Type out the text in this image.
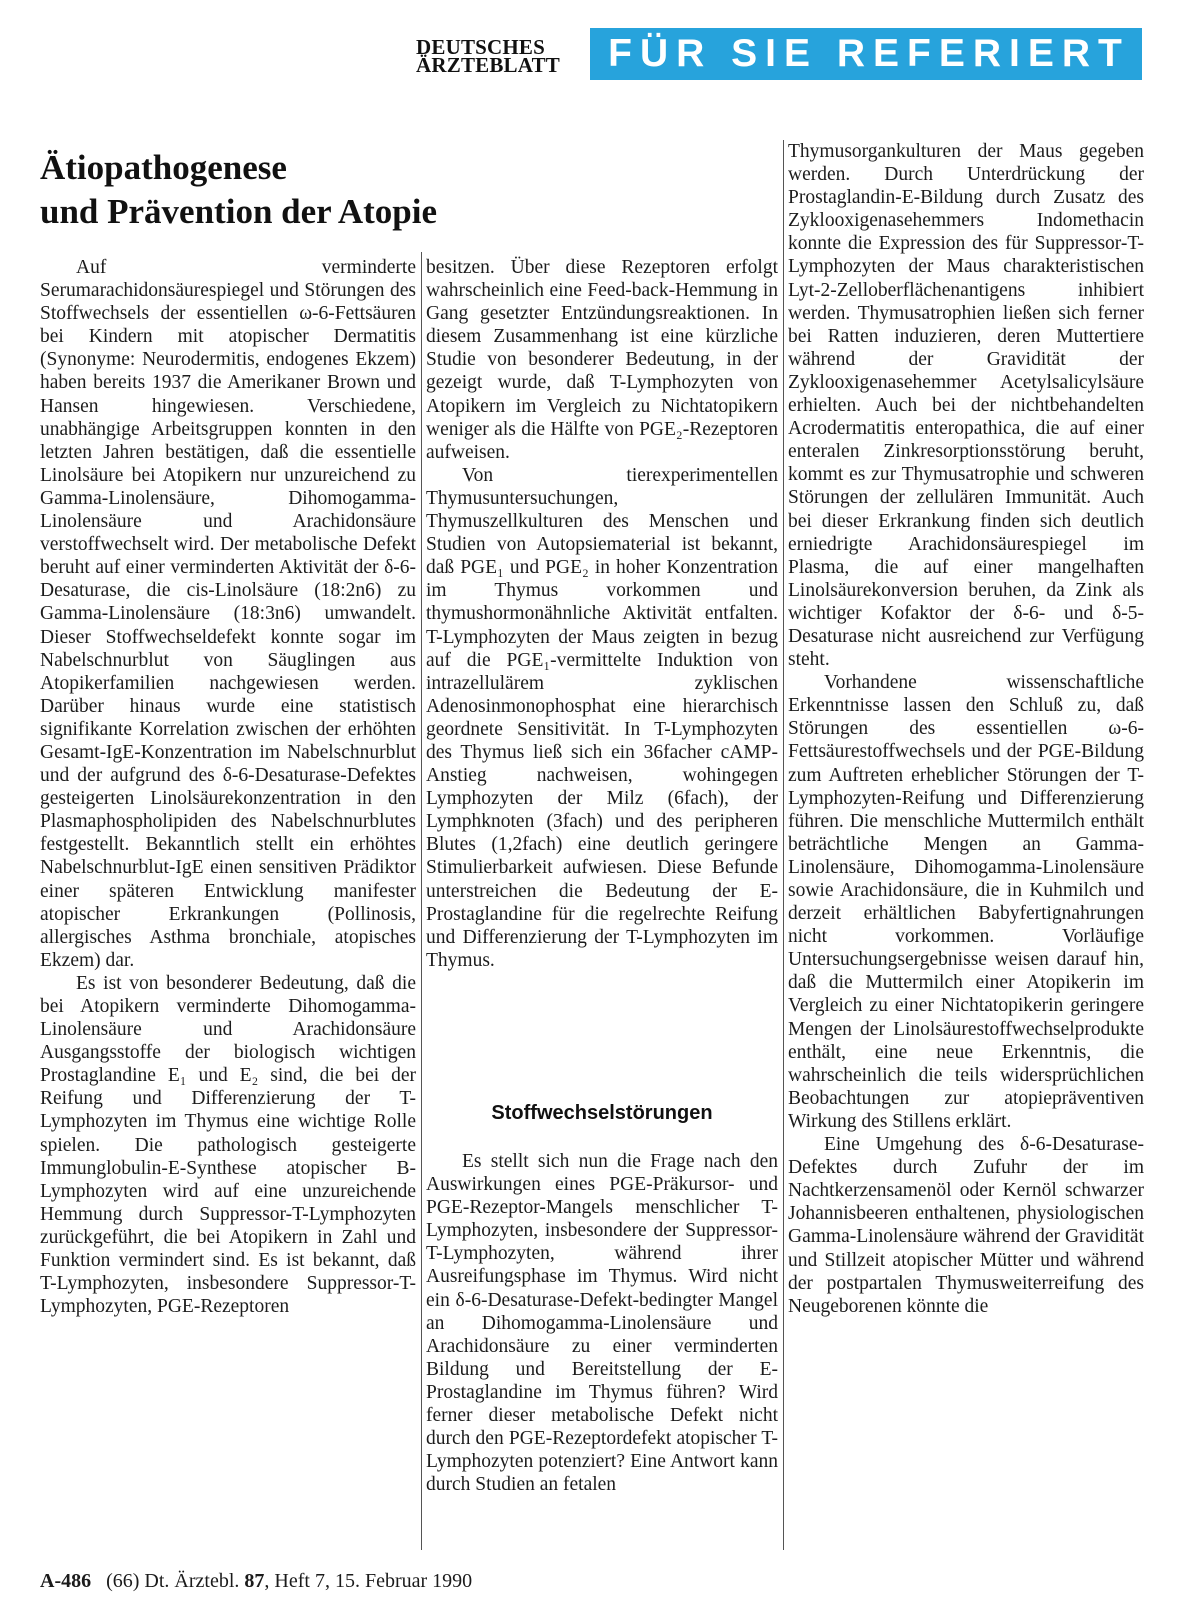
DEUTSCHES
ÄRZTEBLATT	FÜR SIE REFERIERT
Ätiopathogenese
und Prävention der Atopie

Auf verminderte Serumarachidonsäurespiegel und Störungen des Stoffwechsels der essentiellen ω-6-Fettsäuren bei Kindern mit atopischer Dermatitis (Synonyme: Neurodermitis, endogenes Ekzem) haben bereits 1937 die Amerikaner Brown und Hansen hingewiesen. Verschiedene, unabhängige Arbeitsgruppen konnten in den letzten Jahren bestätigen, daß die essentielle Linolsäure bei Atopikern nur unzureichend zu Gamma-Linolensäure, Dihomogamma-Linolensäure und Arachidonsäure verstoffwechselt wird. Der metabolische Defekt beruht auf einer verminderten Aktivität der δ-6-Desaturase, die cis-Linolsäure (18:2n6) zu Gamma-Linolensäure (18:3n6) umwandelt. Dieser Stoffwechseldefekt konnte sogar im Nabelschnurblut von Säuglingen aus Atopikerfamilien nachgewiesen werden. Darüber hinaus wurde eine statistisch signifikante Korrelation zwischen der erhöhten Gesamt-IgE-Konzentration im Nabelschnurblut und der aufgrund des δ-6-Desaturase-Defektes gesteigerten Linolsäurekonzentration in den Plasmaphospholipiden des Nabelschnurblutes festgestellt. Bekanntlich stellt ein erhöhtes Nabelschnurblut-IgE einen sensitiven Prädiktor einer späteren Entwicklung manifester atopischer Erkrankungen (Pollinosis, allergisches Asthma bronchiale, atopisches Ekzem) dar.

Es ist von besonderer Bedeutung, daß die bei Atopikern verminderte Dihomogamma-Linolensäure und Arachidonsäure Ausgangsstoffe der biologisch wichtigen Prostaglandine E₁ und E₂ sind, die bei der Reifung und Differenzierung der T-Lymphozyten im Thymus eine wichtige Rolle spielen. Die pathologisch gesteigerte Immunglobulin-E-Synthese atopischer B-Lymphozyten wird auf eine unzureichende Hemmung durch Suppressor-T-Lymphozyten zurückgeführt, die bei Atopikern in Zahl und Funktion vermindert sind. Es ist bekannt, daß T-Lymphozyten, insbesondere Suppressor-T-Lymphozyten, PGE-Rezeptoren

besitzen. Über diese Rezeptoren erfolgt wahrscheinlich eine Feed-back-Hemmung in Gang gesetzter Entzündungsreaktionen. In diesem Zusammenhang ist eine kürzliche Studie von besonderer Bedeutung, in der gezeigt wurde, daß T-Lymphozyten von Atopikern im Vergleich zu Nichtatopikern weniger als die Hälfte von PGE₂-Rezeptoren aufweisen.

Von tierexperimentellen Thymusuntersuchungen, Thymuszellkulturen des Menschen und Studien von Autopsiematerial ist bekannt, daß PGE₁ und PGE₂ in hoher Konzentration im Thymus vorkommen und thymushormonähnliche Aktivität entfalten. T-Lymphozyten der Maus zeigten in bezug auf die PGE₁-vermittelte Induktion von intrazellulärem zyklischen Adenosinmonophosphat eine hierarchisch geordnete Sensitivität. In T-Lymphozyten des Thymus ließ sich ein 36facher cAMP-Anstieg nachweisen, wohingegen Lymphozyten der Milz (6fach), der Lymphknoten (3fach) und des peripheren Blutes (1,2fach) eine deutlich geringere Stimulierbarkeit aufwiesen. Diese Befunde unterstreichen die Bedeutung der E-Prostaglandine für die regelrechte Reifung und Differenzierung der T-Lymphozyten im Thymus.

Stoffwechselstörungen

Es stellt sich nun die Frage nach den Auswirkungen eines PGE-Präkursor- und PGE-Rezeptor-Mangels menschlicher T-Lymphozyten, insbesondere der Suppressor-T-Lymphozyten, während ihrer Ausreifungsphase im Thymus. Wird nicht ein δ-6-Desaturase-Defekt-bedingter Mangel an Dihomogamma-Linolensäure und Arachidonsäure zu einer verminderten Bildung und Bereitstellung der E-Prostaglandine im Thymus führen? Wird ferner dieser metabolische Defekt nicht durch den PGE-Rezeptordefekt atopischer T-Lymphozyten potenziert? Eine Antwort kann durch Studien an fetalen

Thymusorgankulturen der Maus gegeben werden. Durch Unterdrückung der Prostaglandin-E-Bildung durch Zusatz des Zyklooxigenasehemmers Indomethacin konnte die Expression des für Suppressor-T-Lymphozyten der Maus charakteristischen Lyt-2-Zelloberflächenantigens inhibiert werden. Thymusatrophien ließen sich ferner bei Ratten induzieren, deren Muttertiere während der Gravidität der Zyklooxigenasehemmer Acetylsalicylsäure erhielten. Auch bei der nichtbehandelten Acrodermatitis enteropathica, die auf einer enteralen Zinkresorptionsstörung beruht, kommt es zur Thymusatrophie und schweren Störungen der zellulären Immunität. Auch bei dieser Erkrankung finden sich deutlich erniedrigte Arachidonsäurespiegel im Plasma, die auf einer mangelhaften Linolsäurekonversion beruhen, da Zink als wichtiger Kofaktor der δ-6- und δ-5-Desaturase nicht ausreichend zur Verfügung steht.

Vorhandene wissenschaftliche Erkenntnisse lassen den Schluß zu, daß Störungen des essentiellen ω-6-Fettsäurestoffwechsels und der PGE-Bildung zum Auftreten erheblicher Störungen der T-Lymphozyten-Reifung und Differenzierung führen. Die menschliche Muttermilch enthält beträchtliche Mengen an Gamma-Linolensäure, Dihomogamma-Linolensäure sowie Arachidonsäure, die in Kuhmilch und derzeit erhältlichen Babyfertignahrungen nicht vorkommen. Vorläufige Untersuchungsergebnisse weisen darauf hin, daß die Muttermilch einer Atopikerin im Vergleich zu einer Nichtatopikerin geringere Mengen der Linolsäurestoffwechselprodukte enthält, eine neue Erkenntnis, die wahrscheinlich die teils widersprüchlichen Beobachtungen zur atopiepräventiven Wirkung des Stillens erklärt.

Eine Umgehung des δ-6-Desaturase-Defektes durch Zufuhr der im Nachtkerzensamenöl oder Kernöl schwarzer Johannisbeeren enthaltenen, physiologischen Gamma-Linolensäure während der Gravidität und Stillzeit atopischer Mütter und während der postpartalen Thymusweiterreifung des Neugeborenen könnte die

A-486 (66) Dt. Ärztebl. 87, Heft 7, 15. Februar 1990
